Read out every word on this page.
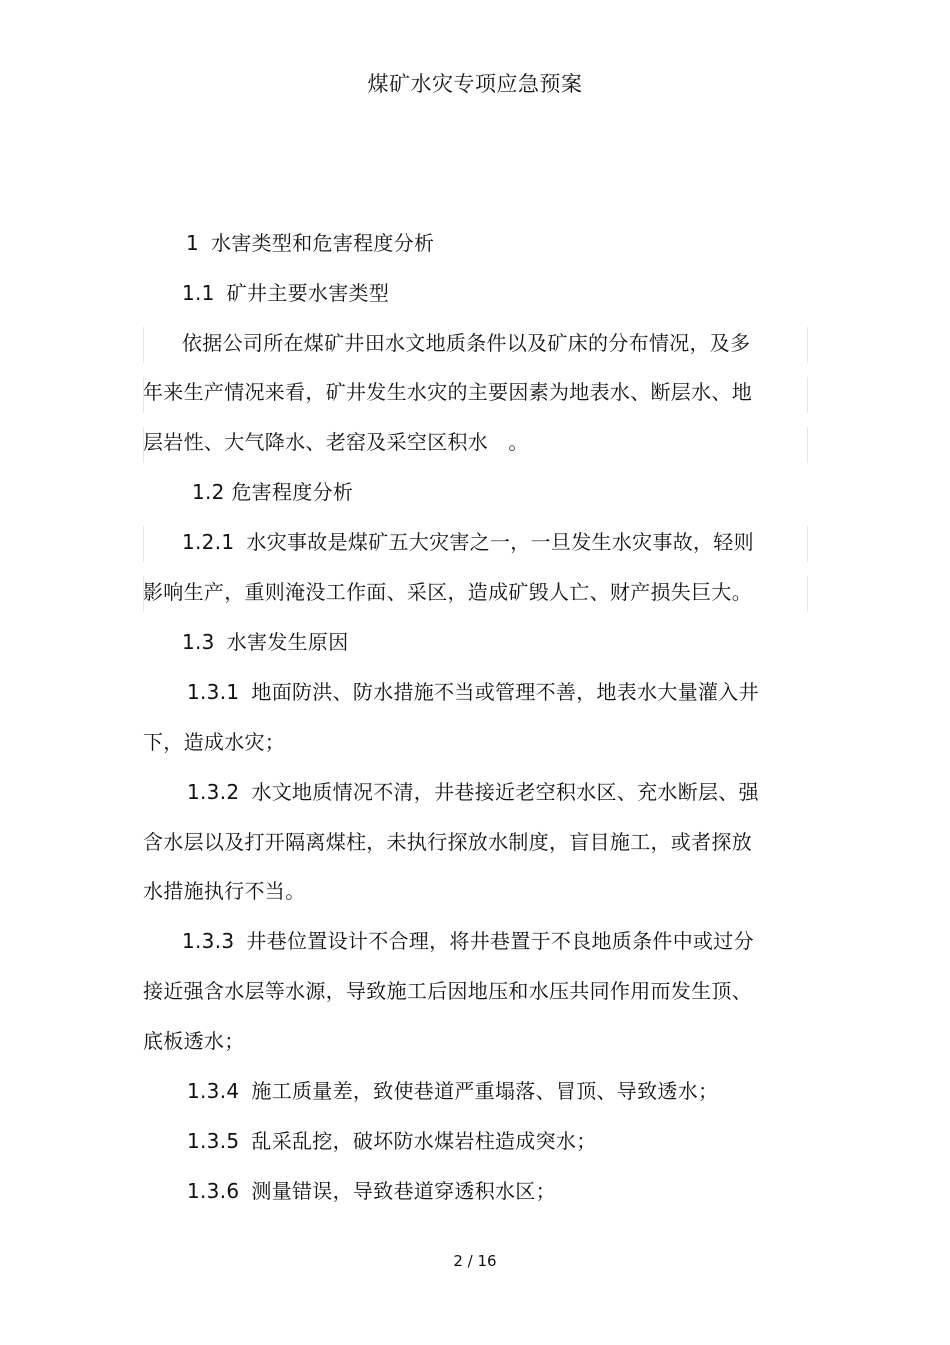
煤矿水灾专项应急预案
1 水害类型和危害程度分析
1.1 矿井主要水害类型
依据公司所在煤矿井田水文地质条件以及矿床的分布情况，及多
年来生产情况来看，矿井发生水灾的主要因素为地表水、断层水、地
层岩性、大气降水、老窑及采空区积水　。
1.2 危害程度分析
1.2.1 水灾事故是煤矿五大灾害之一，一旦发生水灾事故，轻则
影响生产，重则淹没工作面、采区，造成矿毁人亡、财产损失巨大。
1.3 水害发生原因
1.3.1 地面防洪、防水措施不当或管理不善，地表水大量灌入井
下，造成水灾；
1.3.2 水文地质情况不清，井巷接近老空积水区、充水断层、强
含水层以及打开隔离煤柱，未执行探放水制度，盲目施工，或者探放
水措施执行不当。
1.3.3 井巷位置设计不合理，将井巷置于不良地质条件中或过分
接近强含水层等水源，导致施工后因地压和水压共同作用而发生顶、
底板透水；
1.3.4 施工质量差，致使巷道严重塌落、冒顶、导致透水；
1.3.5 乱采乱挖，破坏防水煤岩柱造成突水；
1.3.6 测量错误，导致巷道穿透积水区；
2 / 16
